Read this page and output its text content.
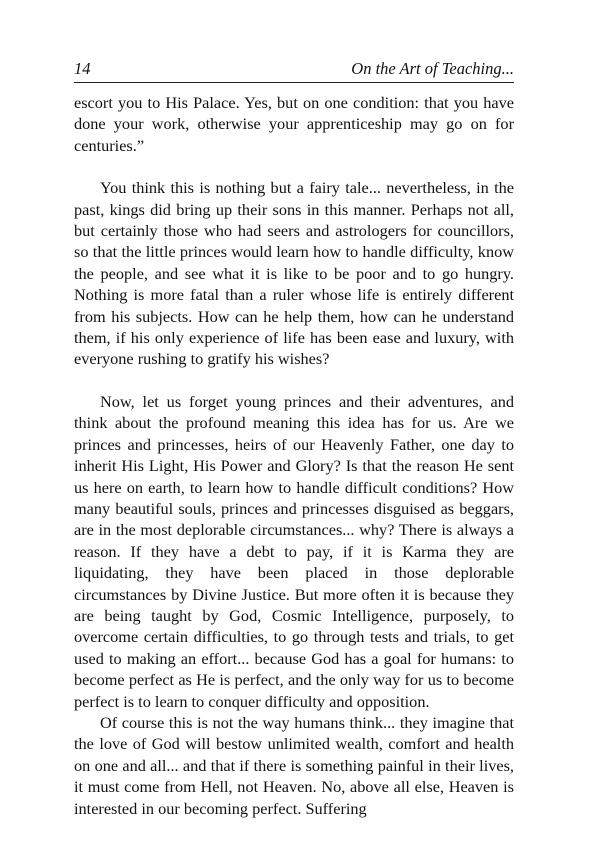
14	On the Art of Teaching...

escort you to His Palace. Yes, but on one condition: that you have done your work, otherwise your apprenticeship may go on for centuries.”

You think this is nothing but a fairy tale... nevertheless, in the past, kings did bring up their sons in this manner. Perhaps not all, but certainly those who had seers and astrologers for councillors, so that the little princes would learn how to handle difficulty, know the people, and see what it is like to be poor and to go hungry. Nothing is more fatal than a ruler whose life is entirely different from his subjects. How can he help them, how can he understand them, if his only experience of life has been ease and luxury, with everyone rushing to gratify his wishes?

Now, let us forget young princes and their adventures, and think about the profound meaning this idea has for us. Are we princes and princesses, heirs of our Heavenly Father, one day to inherit His Light, His Power and Glory? Is that the reason He sent us here on earth, to learn how to handle difficult conditions? How many beautiful souls, princes and princesses disguised as beggars, are in the most deplorable circumstances... why? There is always a reason. If they have a debt to pay, if it is Karma they are liquidating, they have been placed in those deplorable circumstances by Divine Justice. But more often it is because they are being taught by God, Cosmic Intelligence, purposely, to overcome certain difficulties, to go through tests and trials, to get used to making an effort... because God has a goal for humans: to become perfect as He is perfect, and the only way for us to become perfect is to learn to conquer difficulty and opposition.

Of course this is not the way humans think... they imagine that the love of God will bestow unlimited wealth, comfort and health on one and all... and that if there is something painful in their lives, it must come from Hell, not Heaven. No, above all else, Heaven is interested in our becoming perfect. Suffering
